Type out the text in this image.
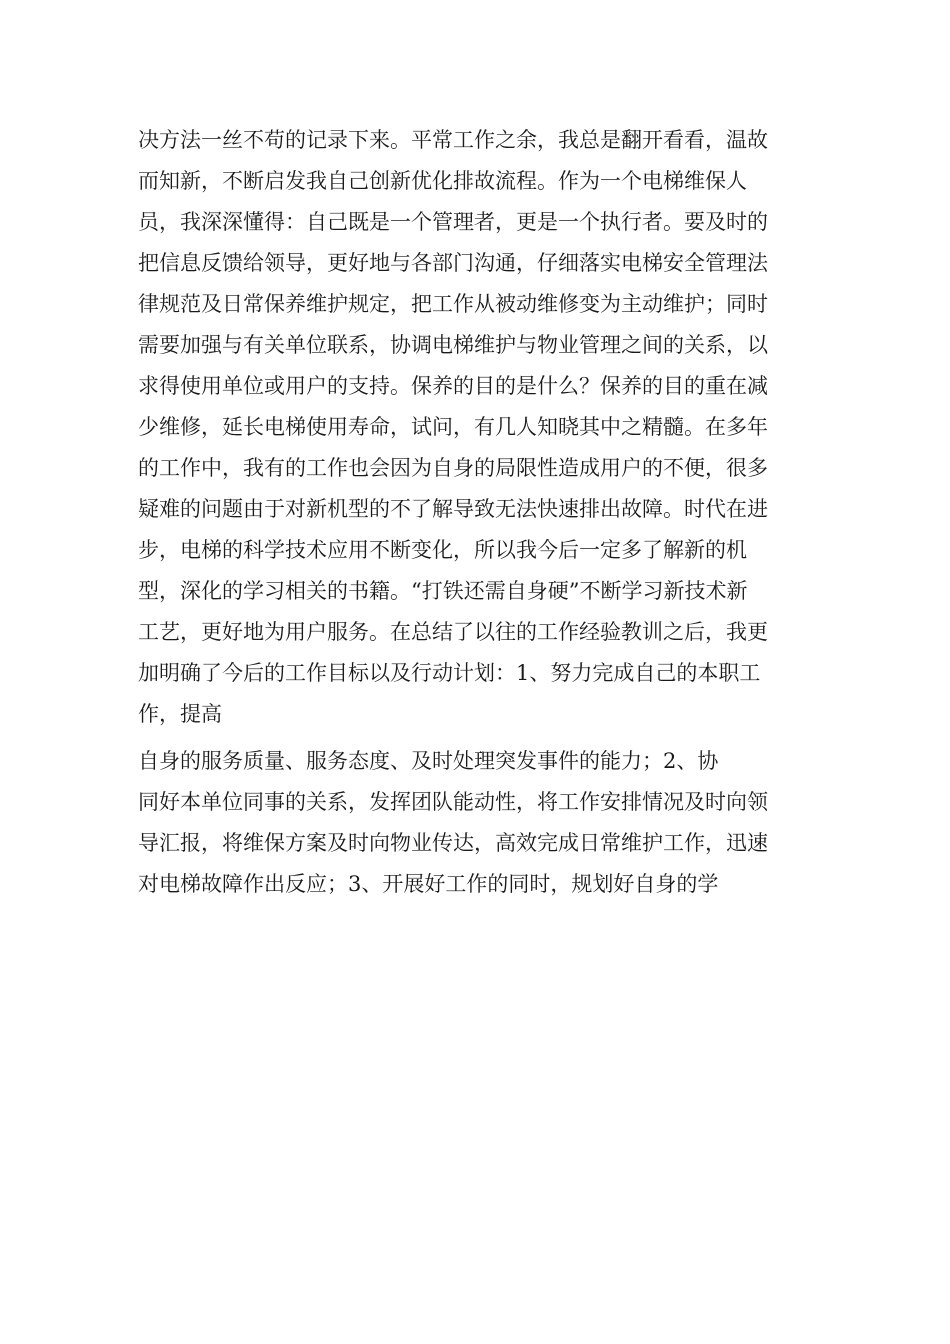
决方法一丝不苟的记录下来。平常工作之余，我总是翻开看看，温故
而知新，不断启发我自己创新优化排故流程。作为一个电梯维保人
员，我深深懂得：自己既是一个管理者，更是一个执行者。要及时的
把信息反馈给领导，更好地与各部门沟通，仔细落实电梯安全管理法
律规范及日常保养维护规定，把工作从被动维修变为主动维护；同时
需要加强与有关单位联系，协调电梯维护与物业管理之间的关系，以
求得使用单位或用户的支持。保养的目的是什么？保养的目的重在减
少维修，延长电梯使用寿命，试问，有几人知晓其中之精髓。在多年
的工作中，我有的工作也会因为自身的局限性造成用户的不便，很多
疑难的问题由于对新机型的不了解导致无法快速排出故障。时代在进
步，电梯的科学技术应用不断变化，所以我今后一定多了解新的机
型，深化的学习相关的书籍。“打铁还需自身硬”不断学习新技术新
工艺，更好地为用户服务。在总结了以往的工作经验教训之后，我更
加明确了今后的工作目标以及行动计划：1、努力完成自己的本职工
作，提高
自身的服务质量、服务态度、及时处理突发事件的能力；2、协
同好本单位同事的关系，发挥团队能动性，将工作安排情况及时向领
导汇报，将维保方案及时向物业传达，高效完成日常维护工作，迅速
对电梯故障作出反应；3、开展好工作的同时，规划好自身的学
